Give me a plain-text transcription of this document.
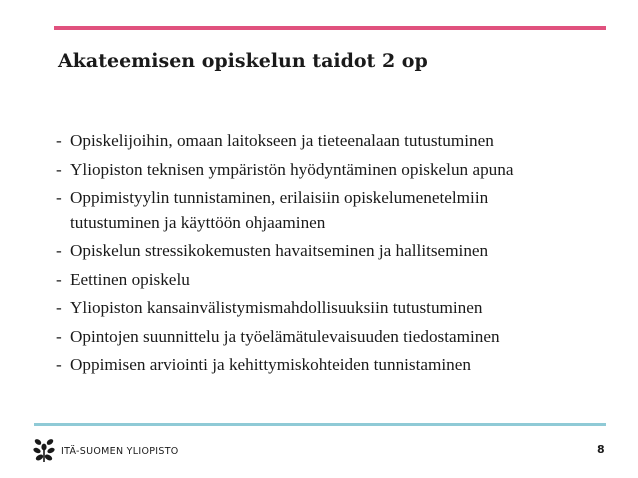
Akateemisen opiskelun taidot 2 op
- Opiskelijoihin, omaan laitokseen ja tieteenalaan tutustuminen
- Yliopiston teknisen ympäristön hyödyntäminen opiskelun apuna
- Oppimistyylin tunnistaminen, erilaisiin opiskelumenetelmiin
tutustuminen ja käyttöön ohjaaminen
- Opiskelun stressikokemusten havaitseminen ja hallitseminen
- Eettinen opiskelu
- Yliopiston kansainvälistymismahdollisuuksiin tutustuminen
- Opintojen suunnittelu ja työelämätulevaisuuden tiedostaminen
- Oppimisen arviointi ja kehittymiskohteiden tunnistaminen
ITÄ-SUOMEN YLIOPISTO	8
